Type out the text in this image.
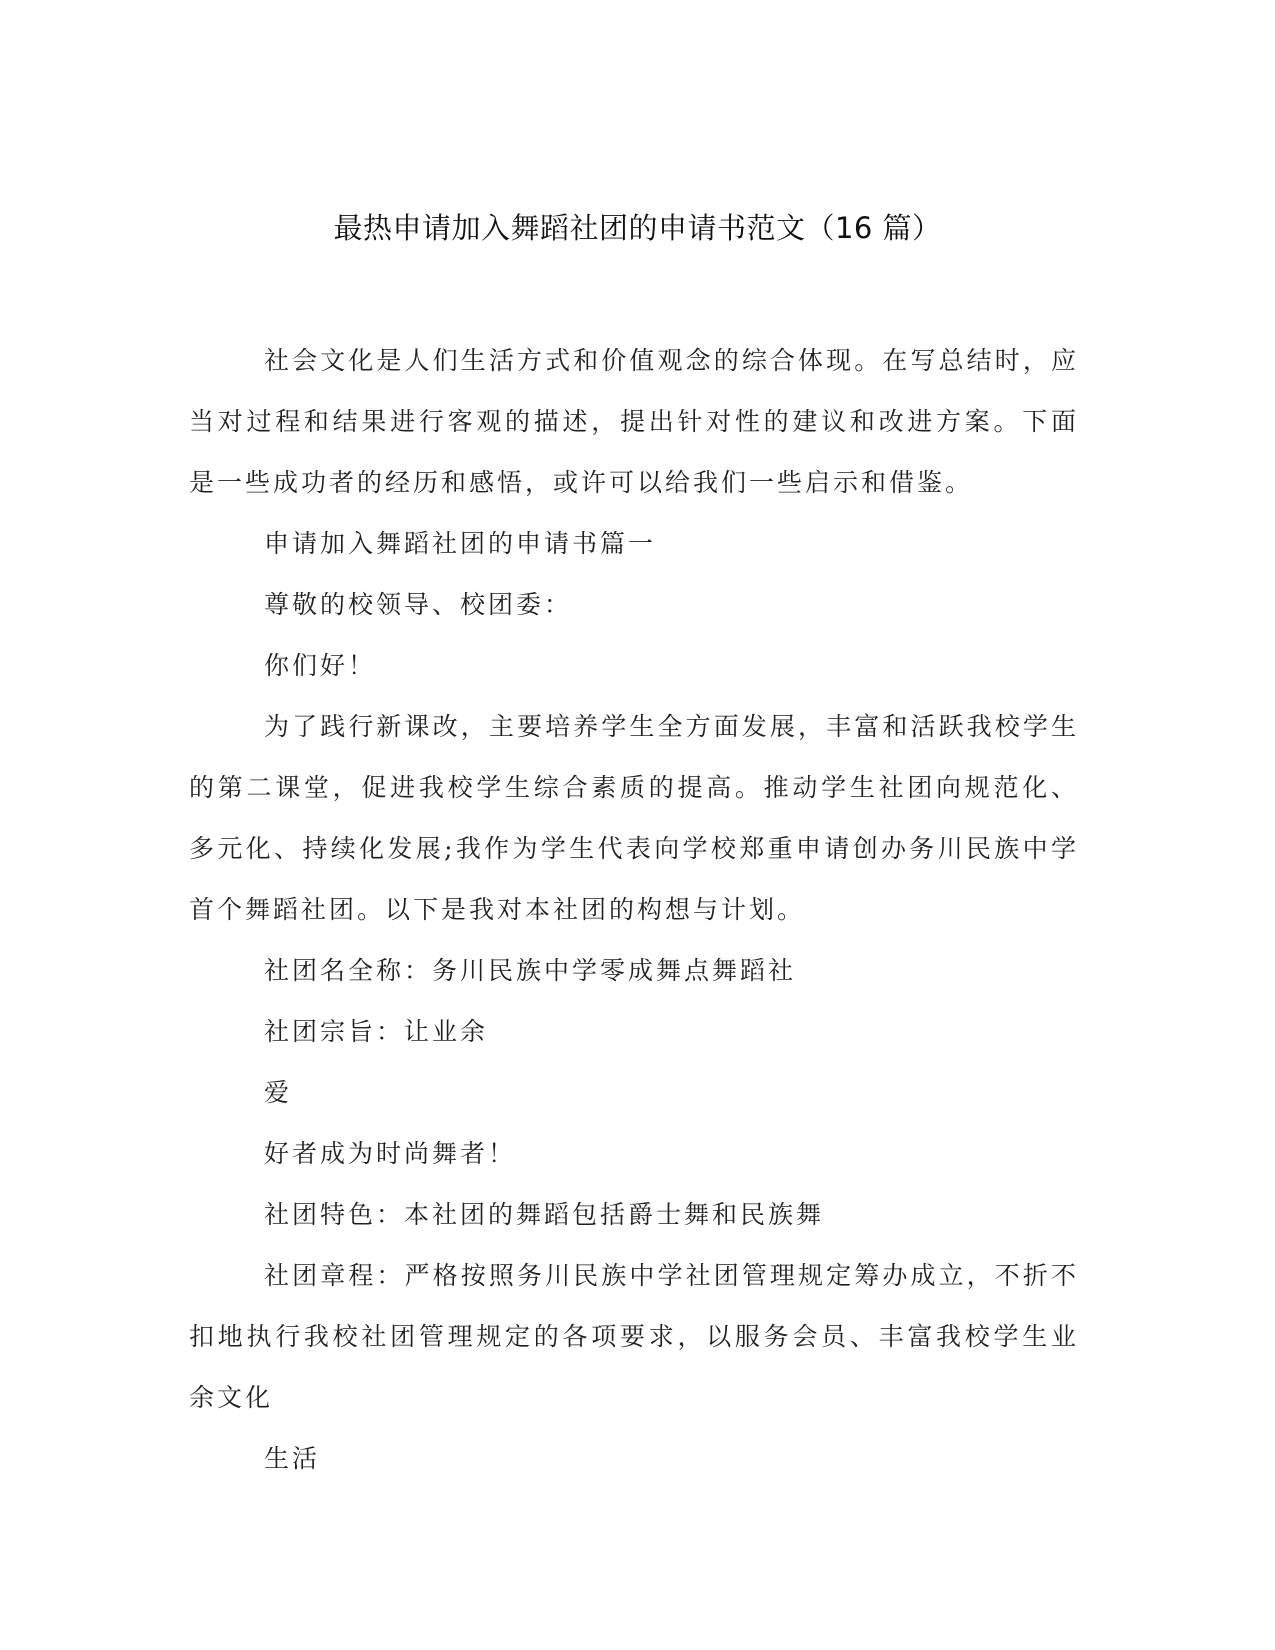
最热申请加入舞蹈社团的申请书范文（16 篇）

社会文化是人们生活方式和价值观念的综合体现。在写总结时，应当对过程和结果进行客观的描述，提出针对性的建议和改进方案。下面是一些成功者的经历和感悟，或许可以给我们一些启示和借鉴。

申请加入舞蹈社团的申请书篇一

尊敬的校领导、校团委：

你们好！

为了践行新课改，主要培养学生全方面发展，丰富和活跃我校学生的第二课堂，促进我校学生综合素质的提高。推动学生社团向规范化、多元化、持续化发展;我作为学生代表向学校郑重申请创办务川民族中学首个舞蹈社团。以下是我对本社团的构想与计划。

社团名全称：务川民族中学零成舞点舞蹈社

社团宗旨：让业余

爱

好者成为时尚舞者！

社团特色：本社团的舞蹈包括爵士舞和民族舞

社团章程：严格按照务川民族中学社团管理规定筹办成立，不折不扣地执行我校社团管理规定的各项要求，以服务会员、丰富我校学生业余文化

生活
